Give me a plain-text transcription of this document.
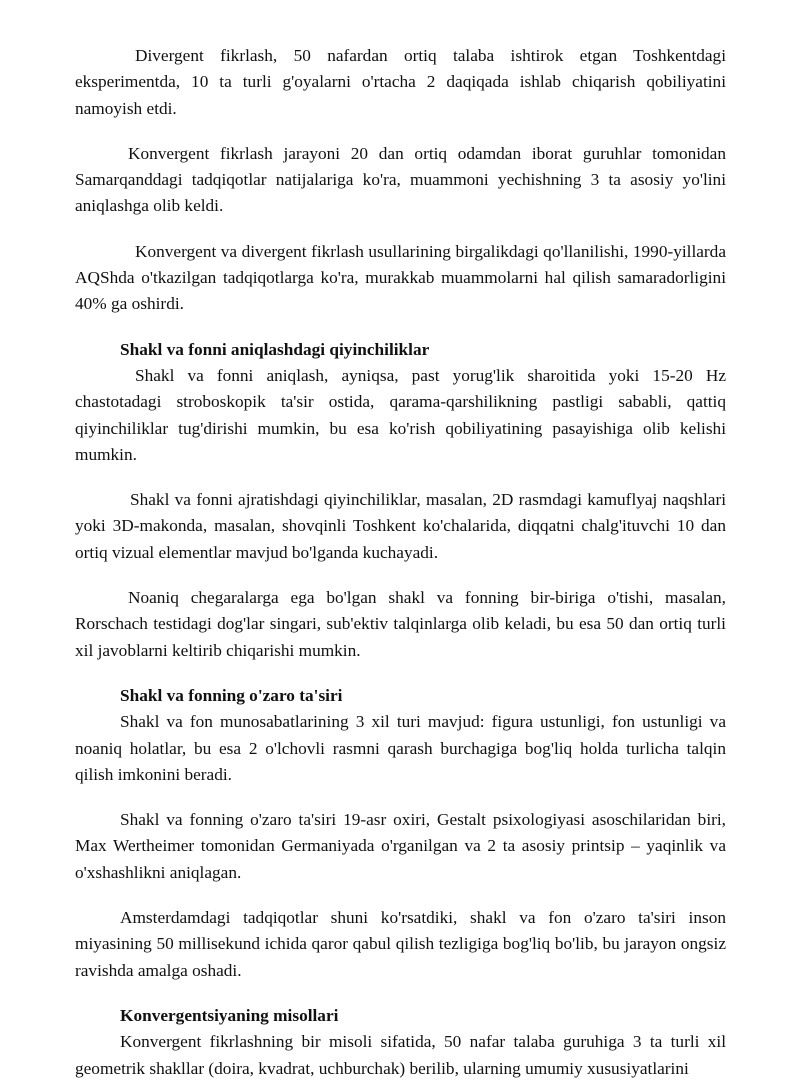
Divergent fikrlash, 50 nafardan ortiq talaba ishtirok etgan Toshkentdagi eksperimentda, 10 ta turli g'oyalarni o'rtacha 2 daqiqada ishlab chiqarish qobiliyatini namoyish etdi.

Konvergent fikrlash jarayoni 20 dan ortiq odamdan iborat guruhlar tomonidan Samarqanddagi tadqiqotlar natijalariga ko'ra, muammoni yechishning 3 ta asosiy yo'lini aniqlashga olib keldi.

Konvergent va divergent fikrlash usullarining birgalikdagi qo'llanilishi, 1990-yillarda AQShda o'tkazilgan tadqiqotlarga ko'ra, murakkab muammolarni hal qilish samaradorligini 40% ga oshirdi.

Shakl va fonni aniqlashdagi qiyinchiliklar

Shakl va fonni aniqlash, ayniqsa, past yorug'lik sharoitida yoki 15-20 Hz chastotadagi stroboskopik ta'sir ostida, qarama-qarshilikning pastligi sababli, qattiq qiyinchiliklar tug'dirishi mumkin, bu esa ko'rish qobiliyatining pasayishiga olib kelishi mumkin.

Shakl va fonni ajratishdagi qiyinchiliklar, masalan, 2D rasmdagi kamuflyaj naqshlari yoki 3D-makonda, masalan, shovqinli Toshkent ko'chalarida, diqqatni chalg'ituvchi 10 dan ortiq vizual elementlar mavjud bo'lganda kuchayadi.

Noaniq chegaralarga ega bo'lgan shakl va fonning bir-biriga o'tishi, masalan, Rorschach testidagi dog'lar singari, sub'ektiv talqinlarga olib keladi, bu esa 50 dan ortiq turli xil javoblarni keltirib chiqarishi mumkin.

Shakl va fonning o'zaro ta'siri

Shakl va fon munosabatlarining 3 xil turi mavjud: figura ustunligi, fon ustunligi va noaniq holatlar, bu esa 2 o'lchovli rasmni qarash burchagiga bog'liq holda turlicha talqin qilish imkonini beradi.

Shakl va fonning o'zaro ta'siri 19-asr oxiri, Gestalt psixologiyasi asoschilaridan biri, Max Wertheimer tomonidan Germaniyada o'rganilgan va 2 ta asosiy printsip – yaqinlik va o'xshashlikni aniqlagan.

Amsterdamdagi tadqiqotlar shuni ko'rsatdiki, shakl va fon o'zaro ta'siri inson miyasining 50 millisekund ichida qaror qabul qilish tezligiga bog'liq bo'lib, bu jarayon ongsiz ravishda amalga oshadi.

Konvergentsiyaning misollari

Konvergent fikrlashning bir misoli sifatida, 50 nafar talaba guruhiga 3 ta turli xil geometrik shakllar (doira, kvadrat, uchburchak) berilib, ularning umumiy xususiyatlarini
